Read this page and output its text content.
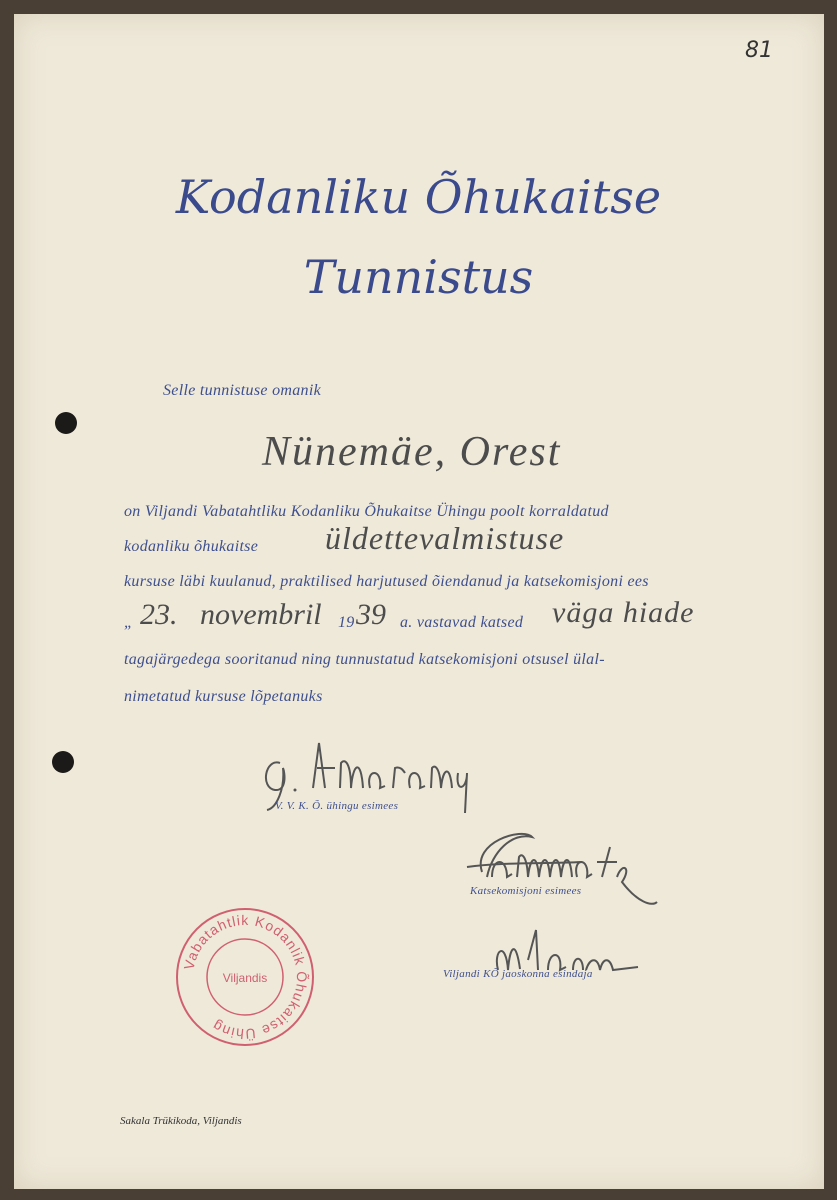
81
Kodanliku Õhukaitse
Tunnistus
Selle tunnistuse omanik
Nünemäe, Orest
on Viljandi Vabatahtliku Kodanliku Õhukaitse Ühingu poolt korraldatud
kodanliku õhukaitse üldettevalmistuse
kursuse läbi kuulanud, praktilised harjutused õiendanud ja katsekomisjoni ees
„ 23. novembril 19 39 a. vastavad katsed väga hiade
tagajärgedega sooritanud ning tunnustatud katsekomisjoni otsusel ülal-
nimetatud kursuse lõpetanuks
V. V. K. Õ. ühingu esimees
Katsekomisjoni esimees
Viljandi KÕ jaoskonna esindaja
Vabatahtlik Kodanlik Õhukaitse Ühing
Viljandis
Sakala Trükikoda, Viljandis
